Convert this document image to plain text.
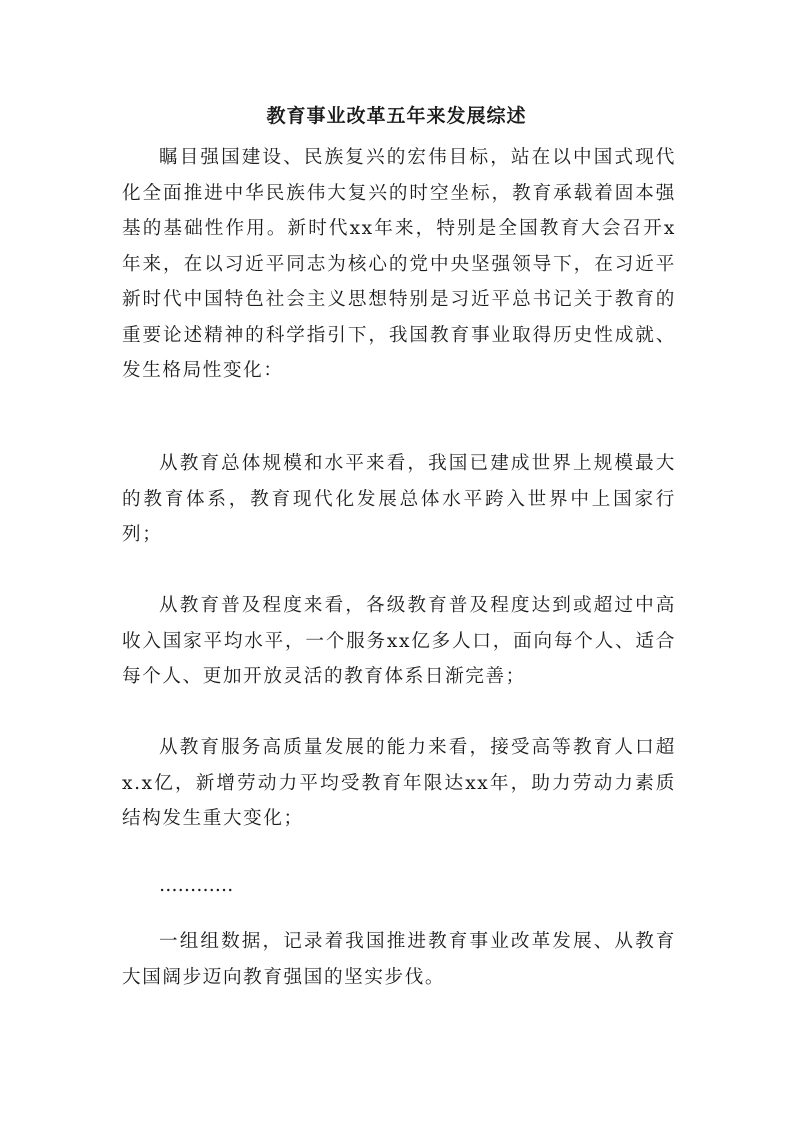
教育事业改革五年来发展综述

瞩目强国建设、民族复兴的宏伟目标，站在以中国式现代化全面推进中华民族伟大复兴的时空坐标，教育承载着固本强基的基础性作用。新时代xx年来，特别是全国教育大会召开x年来，在以习近平同志为核心的党中央坚强领导下，在习近平新时代中国特色社会主义思想特别是习近平总书记关于教育的重要论述精神的科学指引下，我国教育事业取得历史性成就、发生格局性变化：

从教育总体规模和水平来看，我国已建成世界上规模最大的教育体系，教育现代化发展总体水平跨入世界中上国家行列；

从教育普及程度来看，各级教育普及程度达到或超过中高收入国家平均水平，一个服务xx亿多人口，面向每个人、适合每个人、更加开放灵活的教育体系日渐完善；

从教育服务高质量发展的能力来看，接受高等教育人口超x.x亿，新增劳动力平均受教育年限达xx年，助力劳动力素质结构发生重大变化；

…………

一组组数据，记录着我国推进教育事业改革发展、从教育大国阔步迈向教育强国的坚实步伐。
